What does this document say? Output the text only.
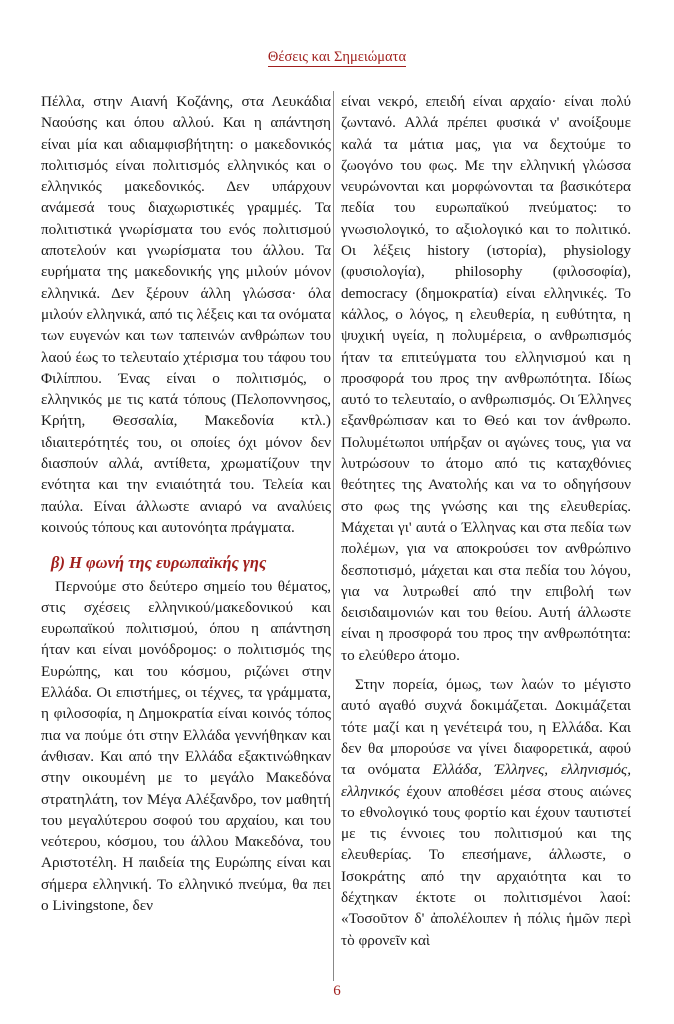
Θέσεις και Σημειώματα

Πέλλα, στην Αιανή Κοζάνης, στα Λευκάδια Ναούσης και όπου αλλού. Και η απάντηση είναι μία και αδιαμφισβήτητη: ο μακεδονικός πολιτισμός είναι πολιτισμός ελληνικός και ο ελληνικός μακεδονικός. Δεν υπάρχουν ανάμεσά τους διαχωριστικές γραμμές. Τα πολιτιστικά γνωρίσματα του ενός πολιτισμού αποτελούν και γνωρίσματα του άλλου. Τα ευρήματα της μακεδονικής γης μιλούν μόνον ελληνικά. Δεν ξέρουν άλλη γλώσσα· όλα μιλούν ελληνικά, από τις λέξεις και τα ονόματα των ευγενών και των ταπεινών ανθρώπων του λαού έως το τελευταίο χτέρισμα του τάφου του Φιλίππου. Ένας είναι ο πολιτισμός, ο ελληνικός με τις κατά τόπους (Πελοποννησος, Κρήτη, Θεσσαλία, Μακεδονία κτλ.) ιδιαιτερότητές του, οι οποίες όχι μόνον δεν διασπούν αλλά, αντίθετα, χρωματίζουν την ενότητα και την ενιαιότητά του. Τελεία και παύλα. Είναι άλλωστε ανιαρό να αναλύεις κοινούς τόπους και αυτονόητα πράγματα.

β) Η φωνή της ευρωπαϊκής γης

Περνούμε στο δεύτερο σημείο του θέματος, στις σχέσεις ελληνικού/μακεδονικού και ευρωπαϊκού πολιτισμού, όπου η απάντηση ήταν και είναι μονόδρομος: ο πολιτισμός της Ευρώπης, και του κόσμου, ριζώνει στην Ελλάδα. Οι επιστήμες, οι τέχνες, τα γράμματα, η φιλοσοφία, η Δημοκρατία είναι κοινός τόπος πια να πούμε ότι στην Ελλάδα γεννήθηκαν και άνθισαν. Και από την Ελλάδα εξακτινώθηκαν στην οικουμένη με το μεγάλο Μακεδόνα στρατηλάτη, τον Μέγα Αλέξανδρο, τον μαθητή του μεγαλύτερου σοφού του αρχαίου, και του νεότερου, κόσμου, του άλλου Μακεδόνα, του Αριστοτέλη. Η παιδεία της Ευρώπης είναι και σήμερα ελληνική. Το ελληνικό πνεύμα, θα πει ο Livingstone, δεν

είναι νεκρό, επειδή είναι αρχαίο· είναι πολύ ζωντανό. Αλλά πρέπει φυσικά ν' ανοίξουμε καλά τα μάτια μας, για να δεχτούμε το ζωογόνο του φως. Με την ελληνική γλώσσα νευρώνονται και μορφώνονται τα βασικότερα πεδία του ευρωπαϊκού πνεύματος: το γνωσιολογικό, το αξιολογικό και το πολιτικό. Οι λέξεις history (ιστορία), physiology (φυσιολογία), philosophy (φιλοσοφία), democracy (δημοκρατία) είναι ελληνικές. Το κάλλος, ο λόγος, η ελευθερία, η ευθύτητα, η ψυχική υγεία, η πολυμέρεια, ο ανθρωπισμός ήταν τα επιτεύγματα του ελληνισμού και η προσφορά του προς την ανθρωπότητα. Ιδίως αυτό το τελευταίο, ο ανθρωπισμός. Οι Έλληνες εξανθρώπισαν και το Θεό και τον άνθρωπο. Πολυμέτωποι υπήρξαν οι αγώνες τους, για να λυτρώσουν το άτομο από τις καταχθόνιες θεότητες της Ανατολής και να το οδηγήσουν στο φως της γνώσης και της ελευθερίας. Μάχεται γι' αυτά ο Έλληνας και στα πεδία των πολέμων, για να αποκρούσει τον ανθρώπινο δεσποτισμό, μάχεται και στα πεδία του λόγου, για να λυτρωθεί από την επιβολή των δεισιδαιμονιών και του θείου. Αυτή άλλωστε είναι η προσφορά του προς την ανθρωπότητα: το ελεύθερο άτομο.

Στην πορεία, όμως, των λαών το μέγιστο αυτό αγαθό συχνά δοκιμάζεται. Δοκιμάζεται τότε μαζί και η γενέτειρά του, η Ελλάδα. Και δεν θα μπορούσε να γίνει διαφορετικά, αφού τα ονόματα Ελλάδα, Έλληνες, ελληνισμός, ελληνικός έχουν αποθέσει μέσα στους αιώνες το εθνολογικό τους φορτίο και έχουν ταυτιστεί με τις έννοιες του πολιτισμού και της ελευθερίας. Το επεσήμανε, άλλωστε, ο Ισοκράτης από την αρχαιότητα και το δέχτηκαν έκτοτε οι πολιτισμένοι λαοί: «Τοσοῦτον δ' ἀπολέλοιπεν ἡ πόλις ἡμῶν περὶ τὸ φρονεῖν καὶ

6
